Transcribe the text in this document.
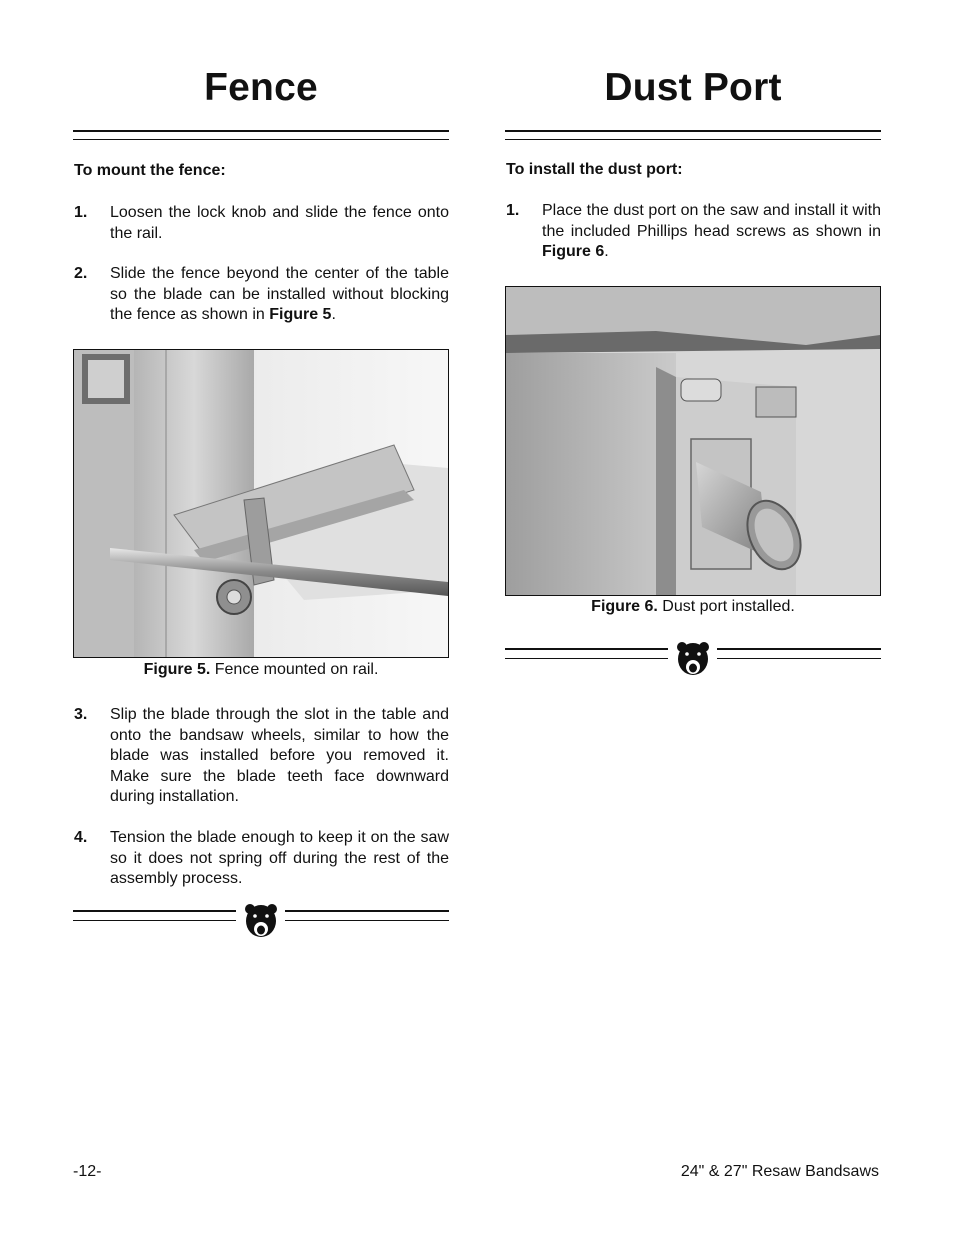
Fence
To mount the fence:
1. Loosen the lock knob and slide the fence onto the rail.
2. Slide the fence beyond the center of the table so the blade can be installed without blocking the fence as shown in Figure 5.
Figure 5. Fence mounted on rail.
3. Slip the blade through the slot in the table and onto the bandsaw wheels, similar to how the blade was installed before you removed it. Make sure the blade teeth face downward during installation.
4. Tension the blade enough to keep it on the saw so it does not spring off during the rest of the assembly process.
Dust Port
To install the dust port:
1. Place the dust port on the saw and install it with the included Phillips head screws as shown in Figure 6.
Figure 6. Dust port installed.
-12-	24" & 27" Resaw Bandsaws
